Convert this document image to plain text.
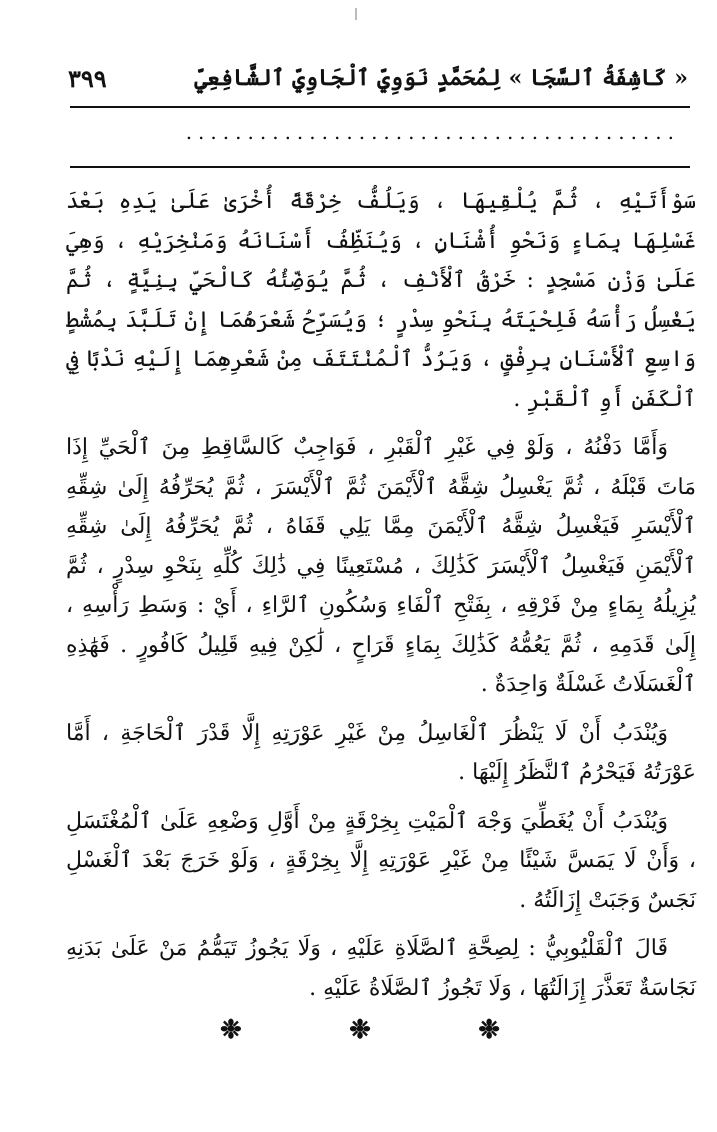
٣٩٩	« كَاشِفَةُ ٱلسَّجَا » لِمُحَمَّدٍ نَوَوِيِّ ٱلْجَاوِيِّ ٱلشَّافِعِيِّ
........................................

سَوْأَتَيْهِ ، ثُمَّ يُلْقِيهَا ، وَيَلُفُّ خِرْقَةً أُخْرَىٰ عَلَىٰ يَدِهِ بَعْدَ غَسْلِهَا بِمَاءٍ وَنَحْوِ أُشْنَانٍ ، وَيُنَظِّفُ أَسْنَانَهُ وَمَنْخِرَيْهِ ، وَهِيَ عَلَىٰ وَزْنِ مَسْجِدٍ : خَرْقُ ٱلْأَنْفِ ، ثُمَّ يُوَضِّئُهُ كَالْحَيِّ بِنِيَّةٍ ، ثُمَّ يَغْسِلُ رَأْسَهُ فَلِحْيَتَهُ بِنَحْوِ سِدْرٍ ؛ وَيُسَرِّحُ شَعْرَهُمَا إِنْ تَلَبَّدَ بِمُشْطٍ وَاسِعِ ٱلْأَسْنَانِ بِرِفْقٍ ، وَيَرُدُّ ٱلْمُنْتَتَفَ مِنْ شَعْرِهِمَا إِلَيْهِ نَدْبًا فِي ٱلْكَفَنِ أَوِ ٱلْقَبْرِ .

وَأَمَّا دَفْنُهُ ، وَلَوْ فِي غَيْرِ ٱلْقَبْرِ ، فَوَاجِبٌ كَالسَّاقِطِ مِنَ ٱلْحَيِّ إِذَا مَاتَ قَبْلَهُ ، ثُمَّ يَغْسِلُ شِقَّهُ ٱلْأَيْمَنَ ثُمَّ ٱلْأَيْسَرَ ، ثُمَّ يُحَرِّفُهُ إِلَىٰ شِقِّهِ ٱلْأَيْسَرِ فَيَغْسِلُ شِقَّهُ ٱلْأَيْمَنَ مِمَّا يَلِي قَفَاهُ ، ثُمَّ يُحَرِّفُهُ إِلَىٰ شِقِّهِ ٱلْأَيْمَنِ فَيَغْسِلُ ٱلْأَيْسَرَ كَذَٰلِكَ ، مُسْتَعِينًا فِي ذَٰلِكَ كُلِّهِ بِنَحْوِ سِدْرٍ ، ثُمَّ يُزِيلُهُ بِمَاءٍ مِنْ فَرْقِهِ ، بِفَتْحِ ٱلْفَاءِ وَسُكُونِ ٱلرَّاءِ ، أَيْ : وَسَطِ رَأْسِهِ ، إِلَىٰ قَدَمِهِ ، ثُمَّ يَعُمُّهُ كَذَٰلِكَ بِمَاءٍ قَرَاحٍ ، لَٰكِنْ فِيهِ قَلِيلُ كَافُورٍ . فَهَٰذِهِ ٱلْغَسَلَاتُ غَسْلَةٌ وَاحِدَةٌ .

وَيُنْدَبُ أَنْ لَا يَنْظُرَ ٱلْغَاسِلُ مِنْ غَيْرِ عَوْرَتِهِ إِلَّا قَدْرَ ٱلْحَاجَةِ ، أَمَّا عَوْرَتُهُ فَيَحْرُمُ ٱلنَّظَرُ إِلَيْهَا .

وَيُنْدَبُ أَنْ يُغَطِّيَ وَجْهَ ٱلْمَيْتِ بِخِرْقَةٍ مِنْ أَوَّلِ وَضْعِهِ عَلَىٰ ٱلْمُغْتَسَلِ ، وَأَنْ لَا يَمَسَّ شَيْئًا مِنْ غَيْرِ عَوْرَتِهِ إِلَّا بِخِرْقَةٍ ، وَلَوْ خَرَجَ بَعْدَ ٱلْغَسْلِ نَجَسٌ وَجَبَتْ إِزَالَتُهُ .

قَالَ ٱلْقَلْيُوبِيُّ : لِصِحَّةِ ٱلصَّلَاةِ عَلَيْهِ ، وَلَا يَجُوزُ تَيَمُّمُ مَنْ عَلَىٰ بَدَنِهِ نَجَاسَةٌ تَعَذَّرَ إِزَالَتُهَا ، وَلَا تَجُوزُ ٱلصَّلَاةُ عَلَيْهِ .

❉	❉	❉
